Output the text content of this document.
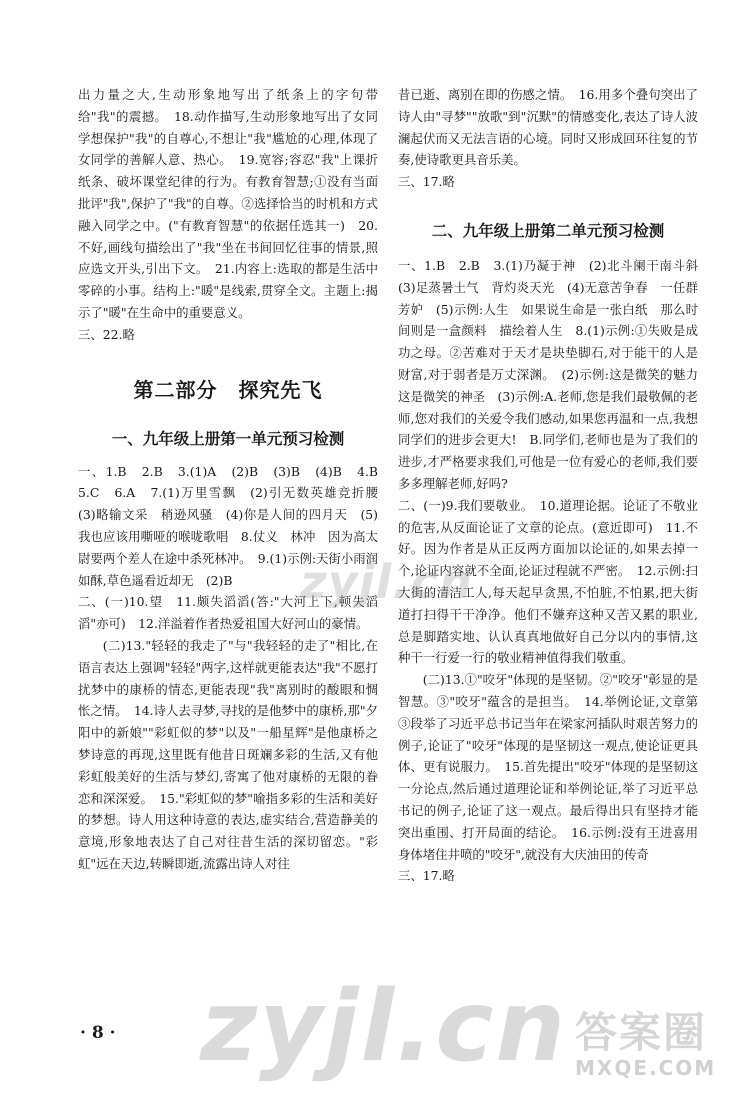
出力量之大,生动形象地写出了纸条上的字句带给"我"的震撼。　18.动作描写,生动形象地写出了女同学想保护"我"的自尊心,不想让"我"尴尬的心理,体现了女同学的善解人意、热心。　19.宽容;容忍"我"上课折纸条、破坏课堂纪律的行为。有教育智慧;①没有当面批评"我",保护了"我"的自尊。②选择恰当的时机和方式融入同学之中。("有教育智慧"的依据任选其一)　20.不好,画线句描绘出了"我"坐在书间回忆往事的情景,照应选文开头,引出下文。　21.内容上:选取的都是生活中零碎的小事。结构上:"暖"是线索,贯穿全文。主题上:揭示了"暖"在生命中的重要意义。

三、22.略

第二部分　探究先飞
一、九年级上册第一单元预习检测

一、1.B　2.B　3.(1)A　(2)B　(3)B　(4)B　4.B　5.C　6.A　7.(1)万里雪飘　(2)引无数英雄竞折腰　(3)略输文采　稍逊风骚　(4)你是人间的四月天　(5)我也应该用嘶哑的喉咙歌唱　8.仗义　林冲　因为高太尉要两个差人在途中杀死林冲。　9.(1)示例:天街小雨润如酥,草色遥看近却无　(2)B

二、(一)10.望　11.颇失滔滔(答:"大河上下,顿失滔滔"亦可)　12.洋溢着作者热爱祖国大好河山的豪情。

(二)13."轻轻的我走了"与"我轻轻的走了"相比,在语言表达上强调"轻轻"两字,这样就更能表达"我"不愿打扰梦中的康桥的情态,更能表现"我"离别时的酸眼和惆怅之情。　14.诗人去寻梦,寻找的是他梦中的康桥,那"夕阳中的新娘""彩虹似的梦"以及"一船星辉"是他康桥之梦诗意的再现,这里既有他昔日斑斓多彩的生活,又有他彩虹般美好的生活与梦幻,寄寓了他对康桥的无限的眷恋和深深爱。　15."彩虹似的梦"喻指多彩的生活和美好的梦想。诗人用这种诗意的表达,虚实结合,营造静美的意境,形象地表达了自己对往昔生活的深切留恋。"彩虹"远在天边,转瞬即逝,流露出诗人对往

昔已逝、离别在即的伤感之情。　16.用多个叠句突出了诗人由"寻梦""放歌"到"沉默"的情感变化,表达了诗人波澜起伏而又无法言语的心境。同时又形成回环往复的节奏,使诗歌更具音乐美。

三、17.略

二、九年级上册第二单元预习检测

一、1.B　2.B　3.(1)乃凝于神　(2)北斗阑干南斗斜　(3)足蒸暑土气　背灼炎天光　(4)无意苦争春　一任群芳妒　(5)示例:人生　如果说生命是一张白纸　那么时间则是一盒颜料　描绘着人生　8.(1)示例:①失败是成功之母。②苦难对于天才是块垫脚石,对于能干的人是财富,对于弱者是万丈深渊。　(2)示例:这是微笑的魅力　这是微笑的神圣　(3)示例:A.老师,您是我们最敬佩的老师,您对我们的关爱令我们感动,如果您再温和一点,我想同学们的进步会更大!　B.同学们,老师也是为了我们的进步,才严格要求我们,可他是一位有爱心的老师,我们要多多理解老师,好吗?

二、(一)9.我们要敬业。　10.道理论据。论证了不敬业的危害,从反面论证了文章的论点。(意近即可)　11.不好。因为作者是从正反两方面加以论证的,如果去掉一个,论证内容就不全面,论证过程就不严密。　12.示例:扫大街的清洁工人,每天起早贪黑,不怕脏,不怕累,把大街道打扫得干干净净。他们不嫌弃这种又苦又累的职业,总是脚踏实地、认认真真地做好自己分以内的事情,这种干一行爱一行的敬业精神值得我们敬重。

(二)13.①"咬牙"体现的是坚韧。②"咬牙"彰显的是智慧。③"咬牙"蕴含的是担当。　14.举例论证,文章第③段举了习近平总书记当年在梁家河插队时艰苦努力的例子,论证了"咬牙"体现的是坚韧这一观点,使论证更具体、更有说服力。　15.首先提出"咬牙"体现的是坚韧这一分论点,然后通过道理论证和举例论证,举了习近平总书记的例子,论证了这一观点。最后得出只有坚持才能突出重围、打开局面的结论。　16.示例:没有王进喜用身体堵住井喷的"咬牙",就没有大庆油田的传奇

三、17.略

· 8 ·
zyjl.cn
zyjl.cn 答案圈
MXQE.COM
